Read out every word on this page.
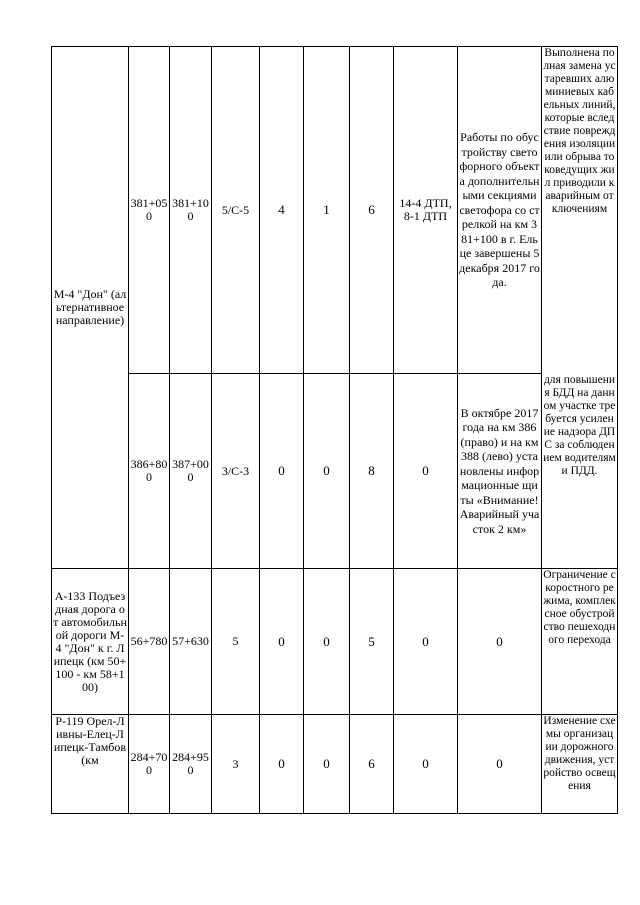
М-4 "Дон" (альтернативное направление)	381+050	381+100	5/С-5	4	1	6	14-4 ДТП, 8-1 ДТП	Работы по обустройству светофорного объекта дополнительными секциями светофора со стрелкой на км 381+100 в г. Ельце завершены 5 декабря 2017 года.	Выполнена полная замена устаревших алюминиевых кабельных линий, которые вследствие повреждения изоляции или обрыва токоведущих жил приводили к аварийным отключениям
	386+800	387+000	3/С-3	0	0	8	0	В октябре 2017 года на км 386 (право) и на км 388 (лево) установлены информационные щиты «Внимание! Аварийный участок 2 км»	для повышения БДД на данном участке требуется усиление надзора ДПС за соблюдением водителями ПДД.
А-133 Подъездная дорога от автомобильной дороги М-4 "Дон" к г. Липецк (км 50+100 - км 58+100)	56+780	57+630	5	0	0	5	0	0	Ограничение скоростного режима, комплексное обустройство пешеходного перехода
Р-119 Орел-Ливны-Елец-Липецк-Тамбов (км	284+700	284+950	3	0	0	6	0	0	Изменение схемы организации дорожного движения, устройство освещения
